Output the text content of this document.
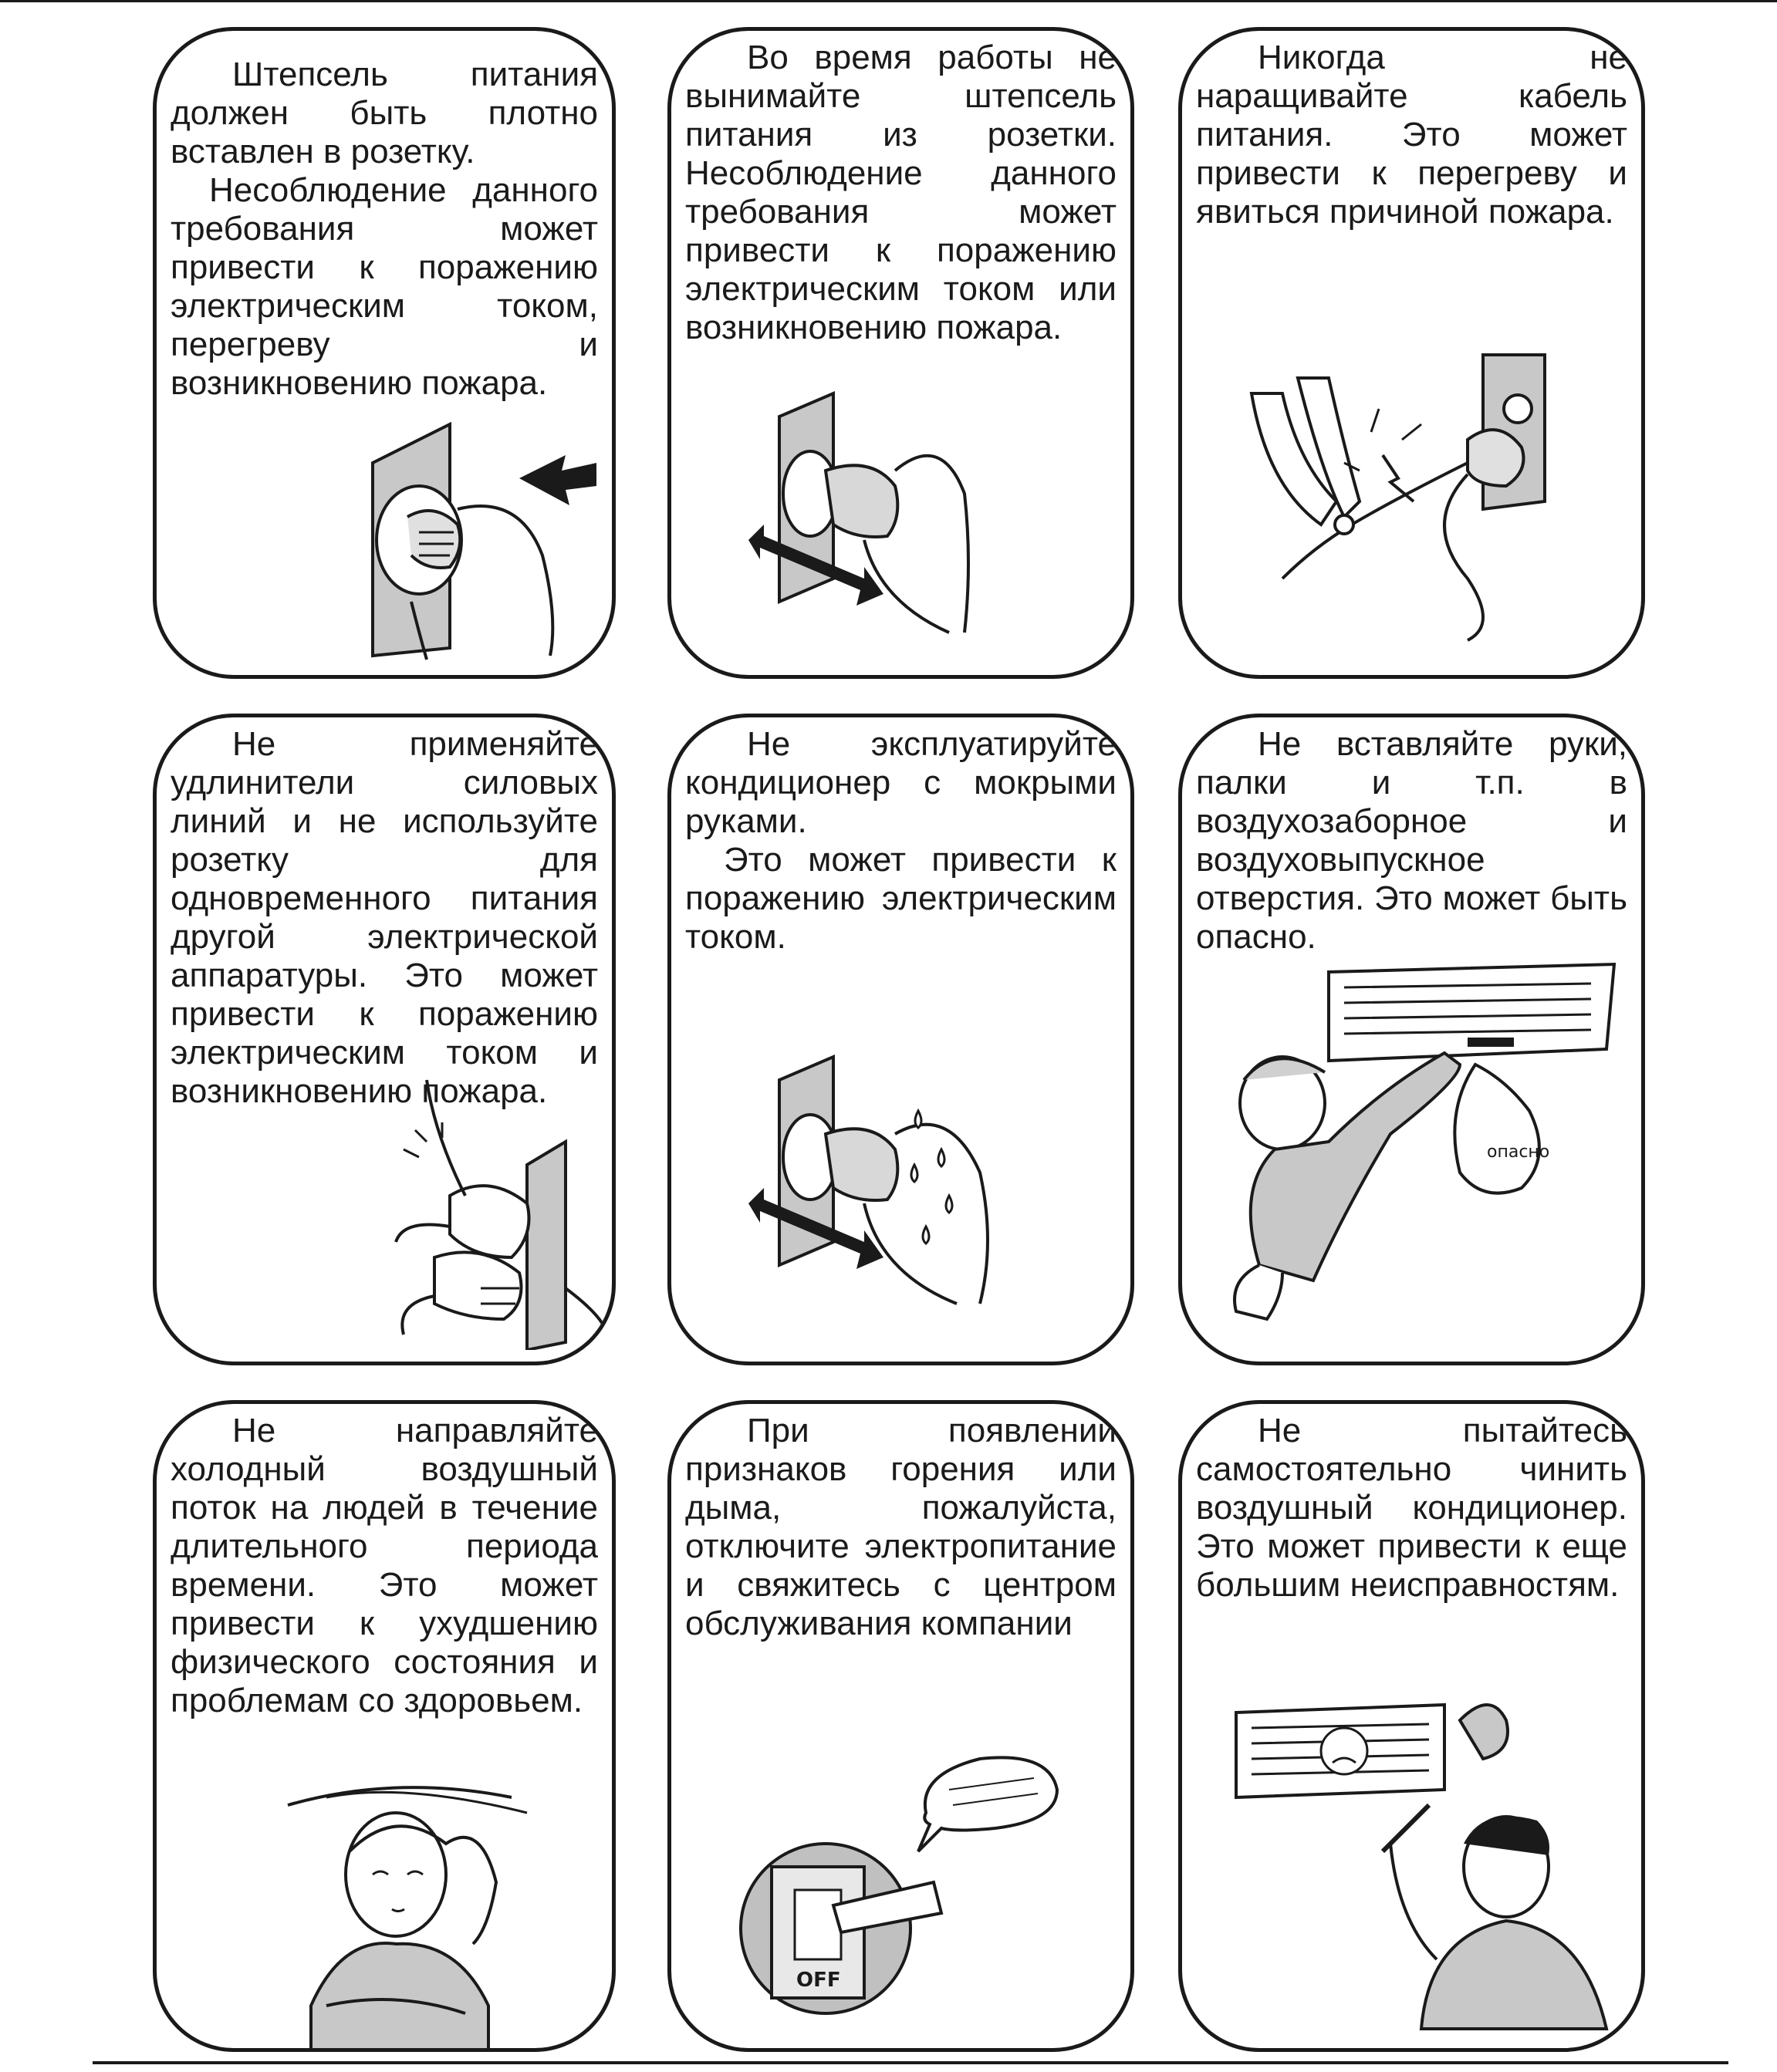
Штепсель питания должен быть плотно вставлен в розетку.

Несоблюдение данного требования может привести к поражению электрическим током, перегреву и возникновению пожара.

Во время работы не вынимайте штепсель питания из розетки. Несоблюдение данного требования может привести к поражению электрическим током или возникновению пожара.

Никогда не наращивайте кабель питания. Это может привести к перегреву и явиться причиной пожара.

Не применяйте удлинители силовых линий и не используйте розетку для одновременного питания другой электрической аппаратуры. Это может привести к поражению электрическим током и возникновению пожара.

Не эксплуатируйте кондиционер с мокрыми руками.

Это может привести к поражению электрическим током.

Не вставляйте руки, палки и т.п. в воздухозаборное и воздуховыпускное отверстия. Это может быть опасно.

опасно

Не направляйте холодный воздушный поток на людей в течение длительного периода времени. Это может привести к ухудшению физического состояния и проблемам со здоровьем.

При появлении признаков горения или дыма, пожалуйста, отключите электропитание и свяжитесь с центром обслуживания компании

OFF

Не пытайтесь самостоятельно чинить воздушный кондиционер. Это может привести к еще большим неисправностям.
